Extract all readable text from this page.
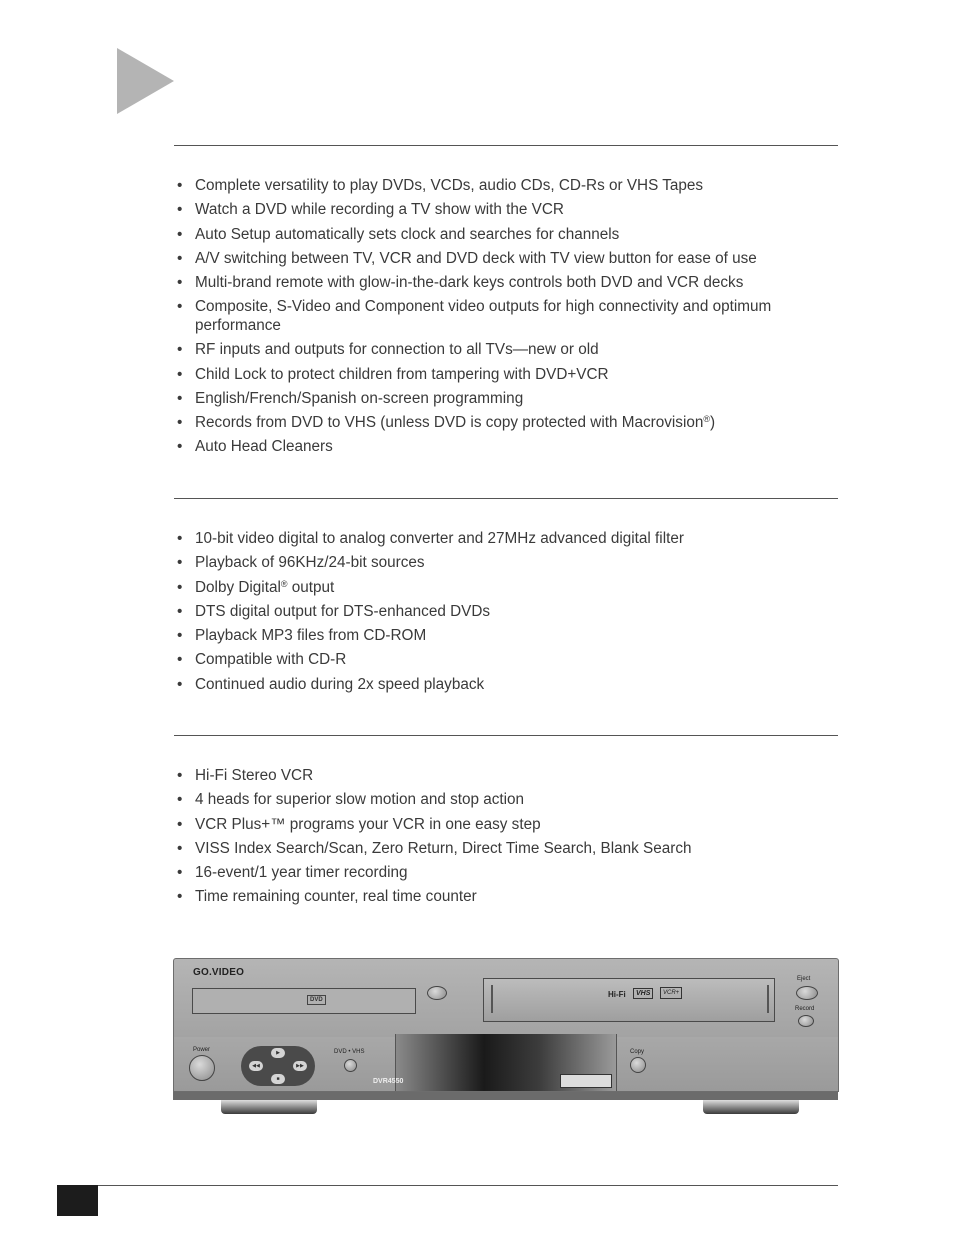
• Complete versatility to play DVDs, VCDs, audio CDs, CD-Rs or VHS Tapes
• Watch a DVD while recording a TV show with the VCR
• Auto Setup automatically sets clock and searches for channels
• A/V switching between TV, VCR and DVD deck with TV view button for ease of use
• Multi-brand remote with glow-in-the-dark keys controls both DVD and VCR decks
• Composite, S-Video and Component video outputs for high connectivity and optimum performance
• RF inputs and outputs for connection to all TVs—new or old
• Child Lock to protect children from tampering with DVD+VCR
• English/French/Spanish on-screen programming
• Records from DVD to VHS (unless DVD is copy protected with Macrovision®)
• Auto Head Cleaners
• 10-bit video digital to analog converter and 27MHz advanced digital filter
• Playback of 96KHz/24-bit sources
• Dolby Digital® output
• DTS digital output for DTS-enhanced DVDs
• Playback MP3 files from CD-ROM
• Compatible with CD-R
• Continued audio during 2x speed playback
• Hi-Fi Stereo VCR
• 4 heads for superior slow motion and stop action
• VCR Plus+™ programs your VCR in one easy step
• VISS Index Search/Scan, Zero Return, Direct Time Search, Blank Search
• 16-event/1 year timer recording
• Time remaining counter, real time counter
GO.VIDEO
DVD
Hi-Fi	VHS	VCR+
Eject
Record
Power	DVD • VHS	Copy
▶
◀◀	▶▶
■	DVR4550
